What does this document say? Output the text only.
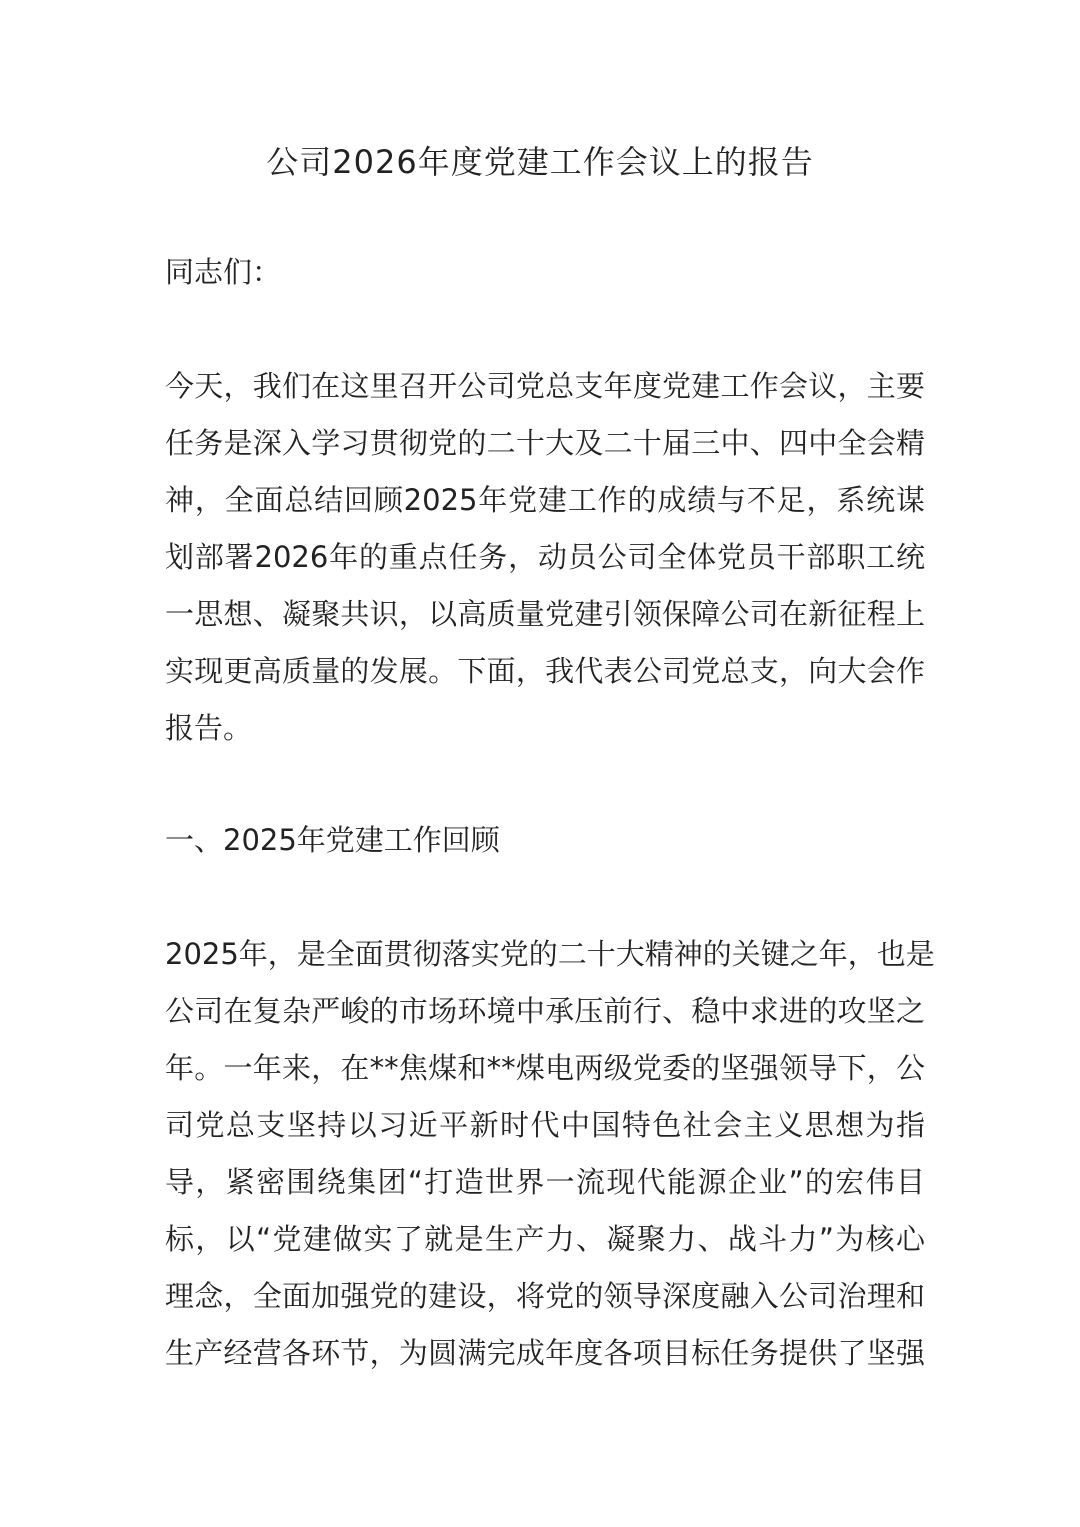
公司2026年度党建工作会议上的报告

同志们：

今天，我们在这里召开公司党总支年度党建工作会议，主要

任务是深入学习贯彻党的二十大及二十届三中、四中全会精

神，全面总结回顾2025年党建工作的成绩与不足，系统谋

划部署2026年的重点任务，动员公司全体党员干部职工统

一思想、凝聚共识，以高质量党建引领保障公司在新征程上

实现更高质量的发展。下面，我代表公司党总支，向大会作

报告。

一、2025年党建工作回顾

2025年，是全面贯彻落实党的二十大精神的关键之年，也是

公司在复杂严峻的市场环境中承压前行、稳中求进的攻坚之

年。一年来，在**焦煤和**煤电两级党委的坚强领导下，公

司党总支坚持以习近平新时代中国特色社会主义思想为指

导，紧密围绕集团“打造世界一流现代能源企业”的宏伟目

标，以“党建做实了就是生产力、凝聚力、战斗力”为核心

理念，全面加强党的建设，将党的领导深度融入公司治理和

生产经营各环节，为圆满完成年度各项目标任务提供了坚强
